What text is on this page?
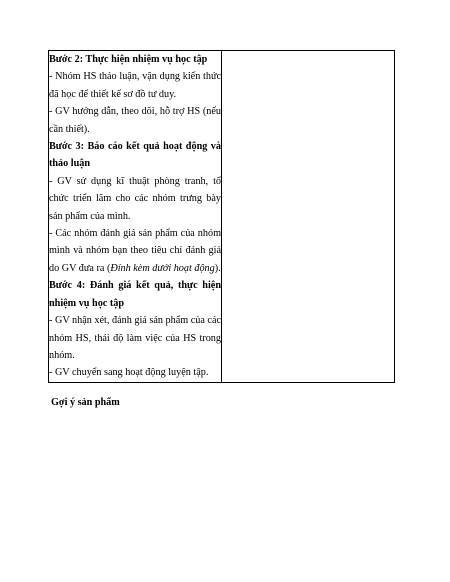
Bước 2: Thực hiện nhiệm vụ học tập

- Nhóm HS thảo luận, vận dụng kiến thức đã học để thiết kế sơ đồ tư duy.

- GV hướng dẫn, theo dõi, hỗ trợ HS (nếu cần thiết).

Bước 3: Báo cáo kết quả hoạt động và thảo luận

- GV sử dụng kĩ thuật phòng tranh, tổ chức triển lãm cho các nhóm trưng bày sản phẩm của mình.

- Các nhóm đánh giá sản phẩm của nhóm mình và nhóm bạn theo tiêu chí đánh giá do GV đưa ra (Đính kèm dưới hoạt động).

Bước 4: Đánh giá kết quả, thực hiện nhiệm vụ học tập

- GV nhận xét, đánh giá sản phẩm của các nhóm HS, thái độ làm việc của HS trong nhóm.

- GV chuyển sang hoạt động luyện tập.

Gợi ý sản phẩm
